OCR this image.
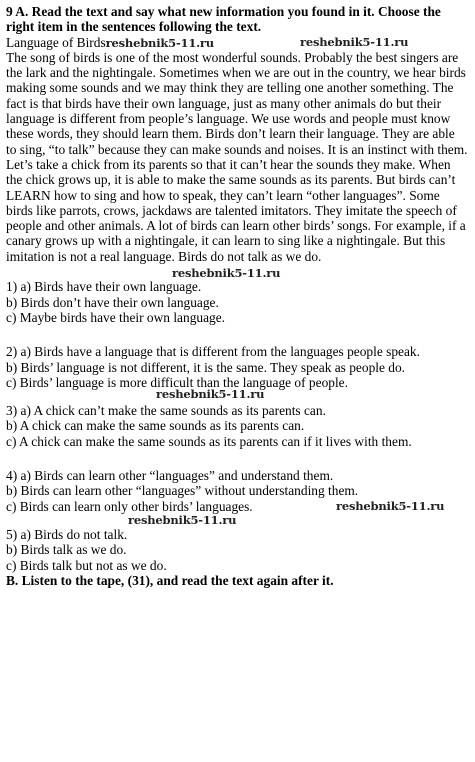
9 A. Read the text and say what new information you found in it. Choose the right item in the sentences following the text.

Language of Birdsreshebnik5-11.ru	reshebnik5-11.ru

The song of birds is one of the most wonderful sounds. Probably the best singers are the lark and the nightingale. Sometimes when we are out in the country, we hear birds making some sounds and we may think they are telling one another something. The fact is that birds have their own language, just as many other animals do but their language is different from people’s language. We use words and people must know these words, they should learn them. Birds don’t learn their language. They are able to sing, “to talk” because they can make sounds and noises. It is an instinct with them. Let’s take a chick from its parents so that it can’t hear the sounds they make. When the chick grows up, it is able to make the same sounds as its parents. But birds can’t LEARN how to sing and how to speak, they can’t learn “other languages”. Some birds like parrots, crows, jackdaws are talented imitators. They imitate the speech of people and other animals. A lot of birds can learn other birds’ songs. For example, if a canary grows up with a nightingale, it can learn to sing like a nightingale. But this imitation is not a real language. Birds do not talk as we do.

reshebnik5-11.ru

1) a) Birds have their own language.

b) Birds don’t have their own language.

c) Maybe birds have their own language.

2) a) Birds have a language that is different from the languages people speak.

b) Birds’ language is not different, it is the same. They speak as people do.

c) Birds’ language is more difficult than the language of people.

reshebnik5-11.ru

3) a) A chick can’t make the same sounds as its parents can.

b) A chick can make the same sounds as its parents can.

c) A chick can make the same sounds as its parents can if it lives with them.

4) a) Birds can learn other “languages” and understand them.

b) Birds can learn other “languages” without understanding them.

c) Birds can learn only other birds’ languages.	reshebnik5-11.ru

reshebnik5-11.ru

5) a) Birds do not talk.

b) Birds talk as we do.

c) Birds talk but not as we do.

B. Listen to the tape, (31), and read the text again after it.
